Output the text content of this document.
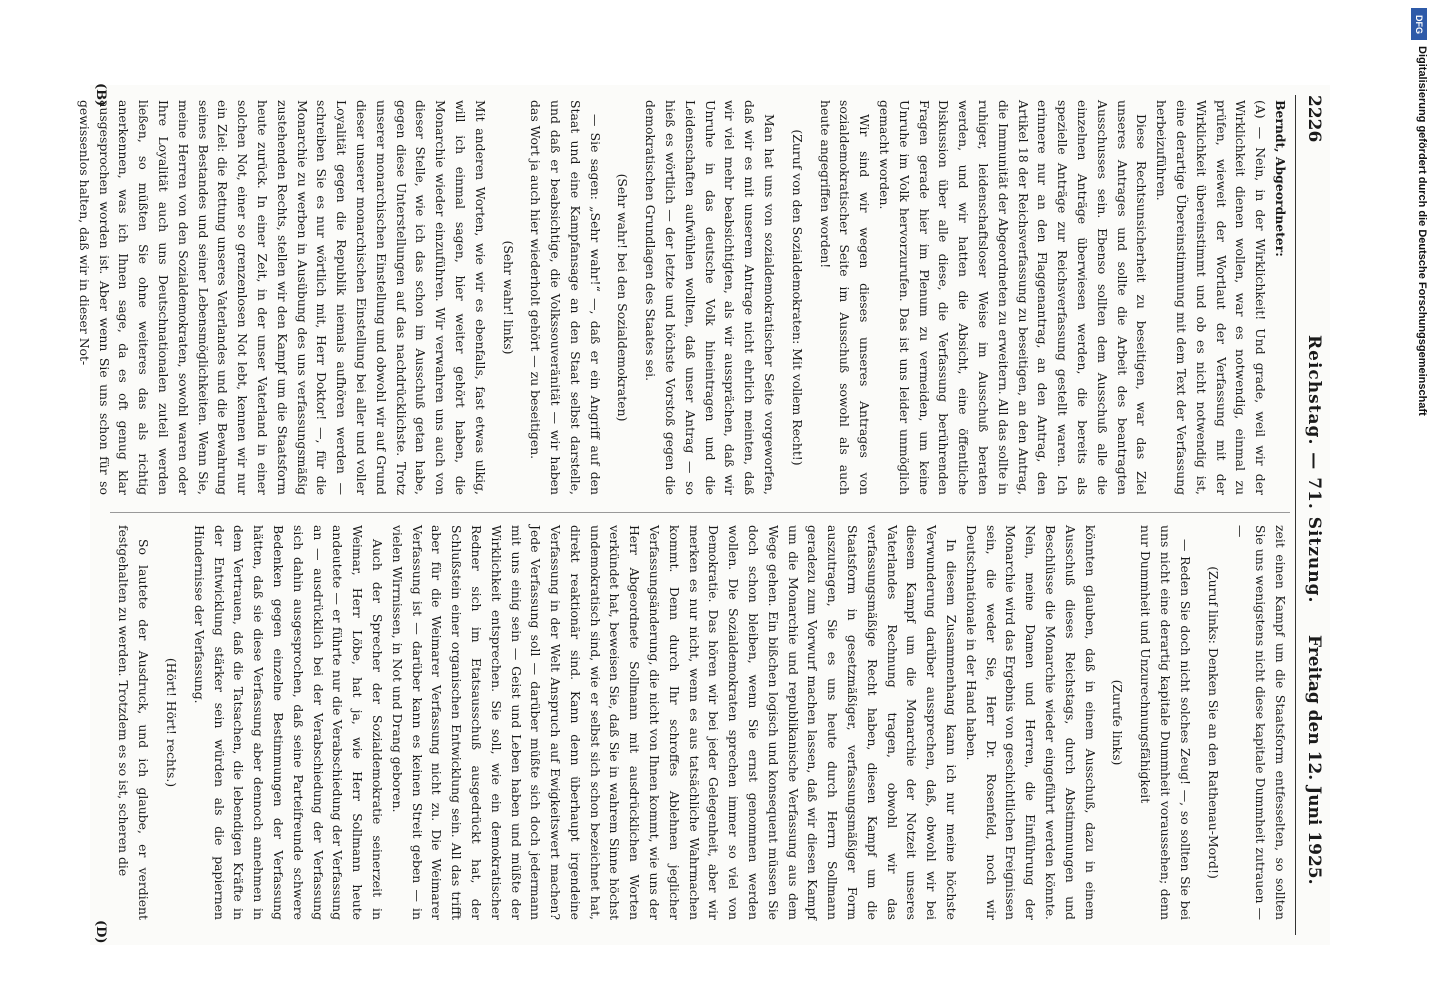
2226
Reichstag. — 71. Sitzung.
Freitag den 12. Juni 1925.

Berndt, Abgeordneter:

(A) — Nein, in der Wirklichkeit! Und grade, weil wir der Wirklichkeit dienen wollen, war es notwendig, einmal zu prüfen, wieweit der Wortlaut der Verfassung mit der Wirklichkeit übereinstimmt und ob es nicht notwendig ist, eine derartige Übereinstimmung mit dem Text der Verfassung herbeizuführen.

Diese Rechtsunsicherheit zu beseitigen, war das Ziel unseres Antrages und sollte die Arbeit des beantragten Ausschusses sein. Ebenso sollten dem Ausschuß alle die einzelnen Anträge überwiesen werden, die bereits als spezielle Anträge zur Reichsverfassung gestellt waren. Ich erinnere nur an den Flaggenantrag, an den Antrag, den Artikel 18 der Reichsverfassung zu beseitigen, an den Antrag, die Immunität der Abgeordneten zu erweitern. All das sollte in ruhiger, leidenschaftsloser Weise im Ausschuß beraten werden, und wir hatten die Absicht, eine öffentliche Diskussion über alle diese, die Verfassung berührenden Fragen gerade hier im Plenum zu vermeiden, um keine Unruhe im Volk hervorzurufen. Das ist uns leider unmöglich gemacht worden.

Wir sind wir wegen dieses unseres Antrages von sozialdemokratischer Seite im Ausschuß sowohl als auch heute angegriffen worden!

(Zuruf von den Sozialdemokraten: Mit vollem Recht!)

Man hat uns von sozialdemokratischer Seite vorgeworfen, daß wir es mit unserem Antrage nicht ehrlich meinten, daß wir viel mehr beabsichtigten, als wir aussprächen, daß wir Unruhe in das deutsche Volk hineintragen und die Leidenschaften aufwühlen wollten, daß unser Antrag — so hieß es wörtlich — der letzte und höchste Vorstoß gegen die demokratischen Grundlagen des Staates sei.

(Sehr wahr! bei den Sozialdemokraten)

— Sie sagen: „Sehr wahr!“ —, daß er ein Angriff auf den Staat und eine Kampfansage an den Staat selbst darstelle, und daß er beabsichtige, die Volkssouveränität — wir haben das Wort ja auch hier wiederholt gehört — zu beseitigen.

(Sehr wahr! links)

Mit anderen Worten, wie wir es ebenfalls, fast etwas ulkig, will ich einmal sagen, hier weiter gehört haben, die Monarchie wieder einzuführen. Wir verwahren uns auch von dieser Stelle, wie ich das schon im Ausschuß getan habe, gegen diese Unterstellungen auf das nachdrücklichste. Trotz unserer monarchischen Einstellung und obwohl wir auf Grund dieser unserer monarchischen Einstellung bei aller und voller Loyalität gegen die Republik niemals aufhören werden — schreiben Sie es nur wörtlich mit, Herr Doktor! —, für die Monarchie zu werben in Ausübung des uns verfassungsmäßig zustehenden Rechts, stellen wir den Kampf um die Staatsform heute zurück. In einer Zeit, in der unser Vaterland in einer solchen Not, einer so grenzenlosen Not lebt, kennen wir nur ein Ziel: die Rettung unseres Vaterlandes und die Bewahrung seines Bestandes und seiner Lebensmöglichkeiten. Wenn Sie, meine Herren von den Sozialdemokraten, sowohl waren oder Ihre Loyalität auch uns Deutschnationalen zuteil werden ließen, so müßten Sie ohne weiteres das als richtig anerkennen, was ich Ihnen sage, da es oft genug klar ausgesprochen worden ist. Aber wenn Sie uns schon für so gewissenlos halten, daß wir in dieser Not-

zeit einen Kampf um die Staatsform entfesselten, so sollten Sie uns wenigstens nicht diese kapitale Dummheit zutrauen — —

(Zuruf links: Denken Sie an den Rathenau-Mord!)

— Reden Sie doch nicht solches Zeug! —, so sollten Sie bei uns nicht eine derartig kapitale Dummheit voraussehen; denn nur Dummheit und Unzurechnungsfähigkeit

(Zurufe links)

könnten glauben, daß in einem Ausschuß, dazu in einem Ausschuß dieses Reichstags, durch Abstimmungen und Beschlüsse die Monarchie wieder eingeführt werden könnte. Nein, meine Damen und Herren, die Einführung der Monarchie wird das Ergebnis von geschichtlichen Ereignissen sein, die weder Sie, Herr Dr. Rosenfeld, noch wir Deutschnationale in der Hand haben.

In diesem Zusammenhang kann ich nur meine höchste Verwunderung darüber aussprechen, daß, obwohl wir bei diesem Kampf um die Monarchie der Notzeit unseres Vaterlandes Rechnung tragen, obwohl wir das verfassungsmäßige Recht haben, diesen Kampf um die Staatsform in gesetzmäßiger, verfassungsmäßiger Form auszutragen, Sie es uns heute durch Herrn Sollmann geradezu zum Vorwurf machen lassen, daß wir diesen Kampf um die Monarchie und republikanische Verfassung aus dem Wege gehen. Ein bißchen logisch und konsequent müssen Sie doch schon bleiben, wenn Sie ernst genommen werden wollen. Die Sozialdemokraten sprechen immer so viel von Demokratie. Das hören wir bei jeder Gelegenheit, aber wir merken es nur nicht, wenn es aus tatsächliche Wahrmachen kommt. Denn durch Ihr schroffes Ablehnen jeglicher Verfassungsänderung, die nicht von Ihnen kommt, wie uns der Herr Abgeordnete Sollmann mit ausdrücklichen Worten verkündet hat, beweisen Sie, daß Sie in wahrem Sinne höchst undemokratisch sind, wie er selbst sich schon bezeichnet hat, direkt reaktionär sind. Kann denn überhaupt irgendeine Verfassung in der Welt Anspruch auf Ewigkeitswert machen? Jede Verfassung soll — darüber müßte sich doch jedermann mit uns einig sein — Geist und Leben haben und müßte der Wirklichkeit entsprechen. Sie soll, wie ein demokratischer Redner sich im Etatsausschuß ausgedrückt hat, der Schlußstein einer organischen Entwicklung sein. All das trifft aber für die Weimarer Verfassung nicht zu. Die Weimarer Verfassung ist — darüber kann es keinen Streit geben — in vielen Wirrnissen, in Not und Drang geboren.

Auch der Sprecher der Sozialdemokratie seinerzeit in Weimar, Herr Löbe, hat ja, wie Herr Sollmann heute andeutete — er führte nur die Verabschiedung der Verfassung an — ausdrücklich bei der Verabschiedung der Verfassung sich dahin ausgesprochen, daß seine Parteifreunde schwere Bedenken gegen einzelne Bestimmungen der Verfassung hätten, daß sie diese Verfassung aber dennoch annehmen in dem Vertrauen, daß die Tatsachen, die lebendigen Kräfte in der Entwicklung stärker sein würden als die papiernen Hindernisse der Verfassung.

(Hört! Hört! rechts.)

So lautete der Ausdruck, und ich glaube, er verdient festgehalten zu werden. Trotzdem es so ist, scheren die

(B)
(D)
DFG
Digitalisierung gefördert durch die Deutsche Forschungsgemeinschaft
